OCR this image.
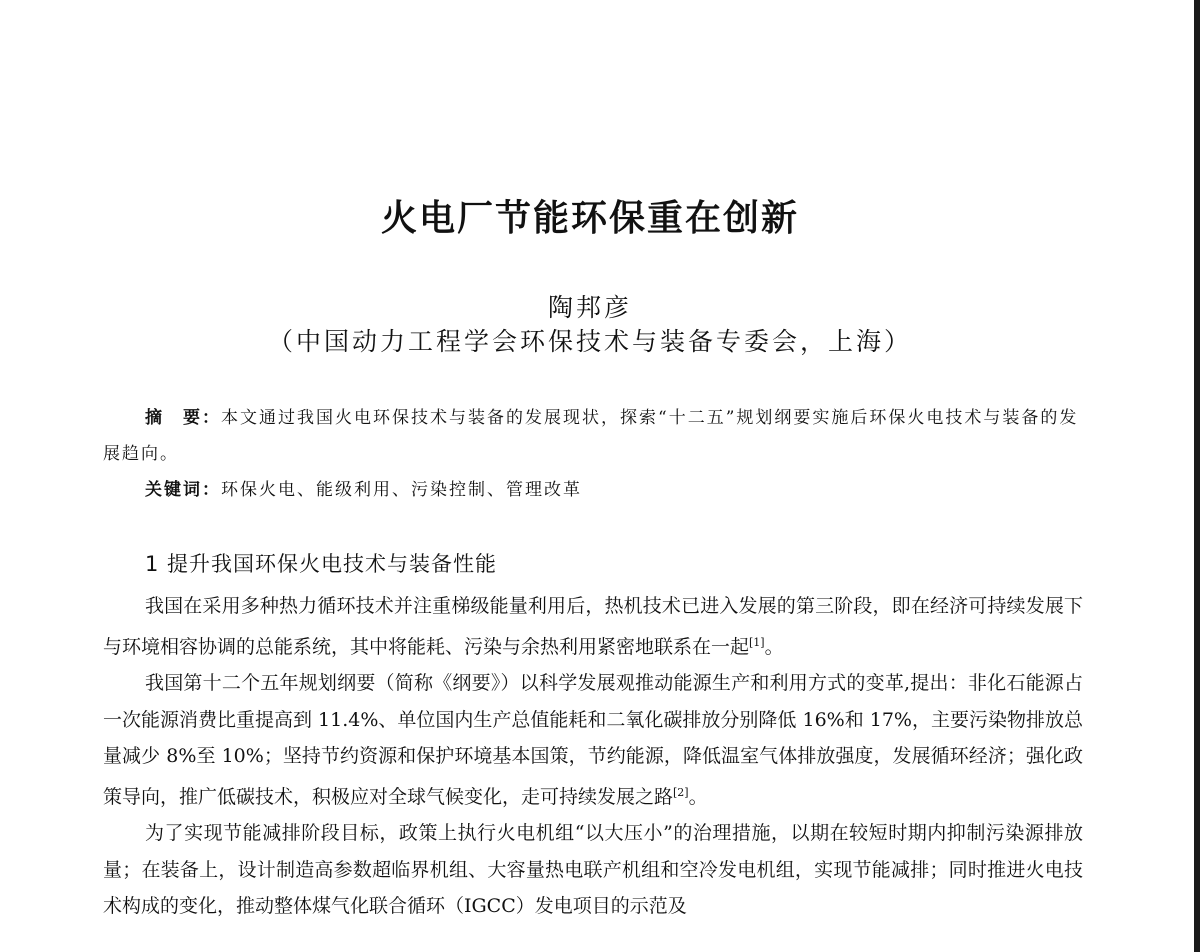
火电厂节能环保重在创新
陶邦彦
（中国动力工程学会环保技术与装备专委会，上海）

摘　要：本文通过我国火电环保技术与装备的发展现状，探索“十二五”规划纲要实施后环保火电技术与装备的发展趋向。

关键词：环保火电、能级利用、污染控制、管理改革

1 提升我国环保火电技术与装备性能

我国在采用多种热力循环技术并注重梯级能量利用后，热机技术已进入发展的第三阶段，即在经济可持续发展下与环境相容协调的总能系统，其中将能耗、污染与余热利用紧密地联系在一起[1]。

我国第十二个五年规划纲要（简称《纲要》）以科学发展观推动能源生产和利用方式的变革,提出：非化石能源占一次能源消费比重提高到 11.4%、单位国内生产总值能耗和二氧化碳排放分别降低 16%和 17%，主要污染物排放总量减少 8%至 10%；坚持节约资源和保护环境基本国策，节约能源，降低温室气体排放强度，发展循环经济；强化政策导向，推广低碳技术，积极应对全球气候变化，走可持续发展之路[2]。

为了实现节能减排阶段目标，政策上执行火电机组“以大压小”的治理措施，以期在较短时期内抑制污染源排放量；在装备上，设计制造高参数超临界机组、大容量热电联产机组和空冷发电机组，实现节能减排；同时推进火电技术构成的变化，推动整体煤气化联合循环（IGCC）发电项目的示范及
